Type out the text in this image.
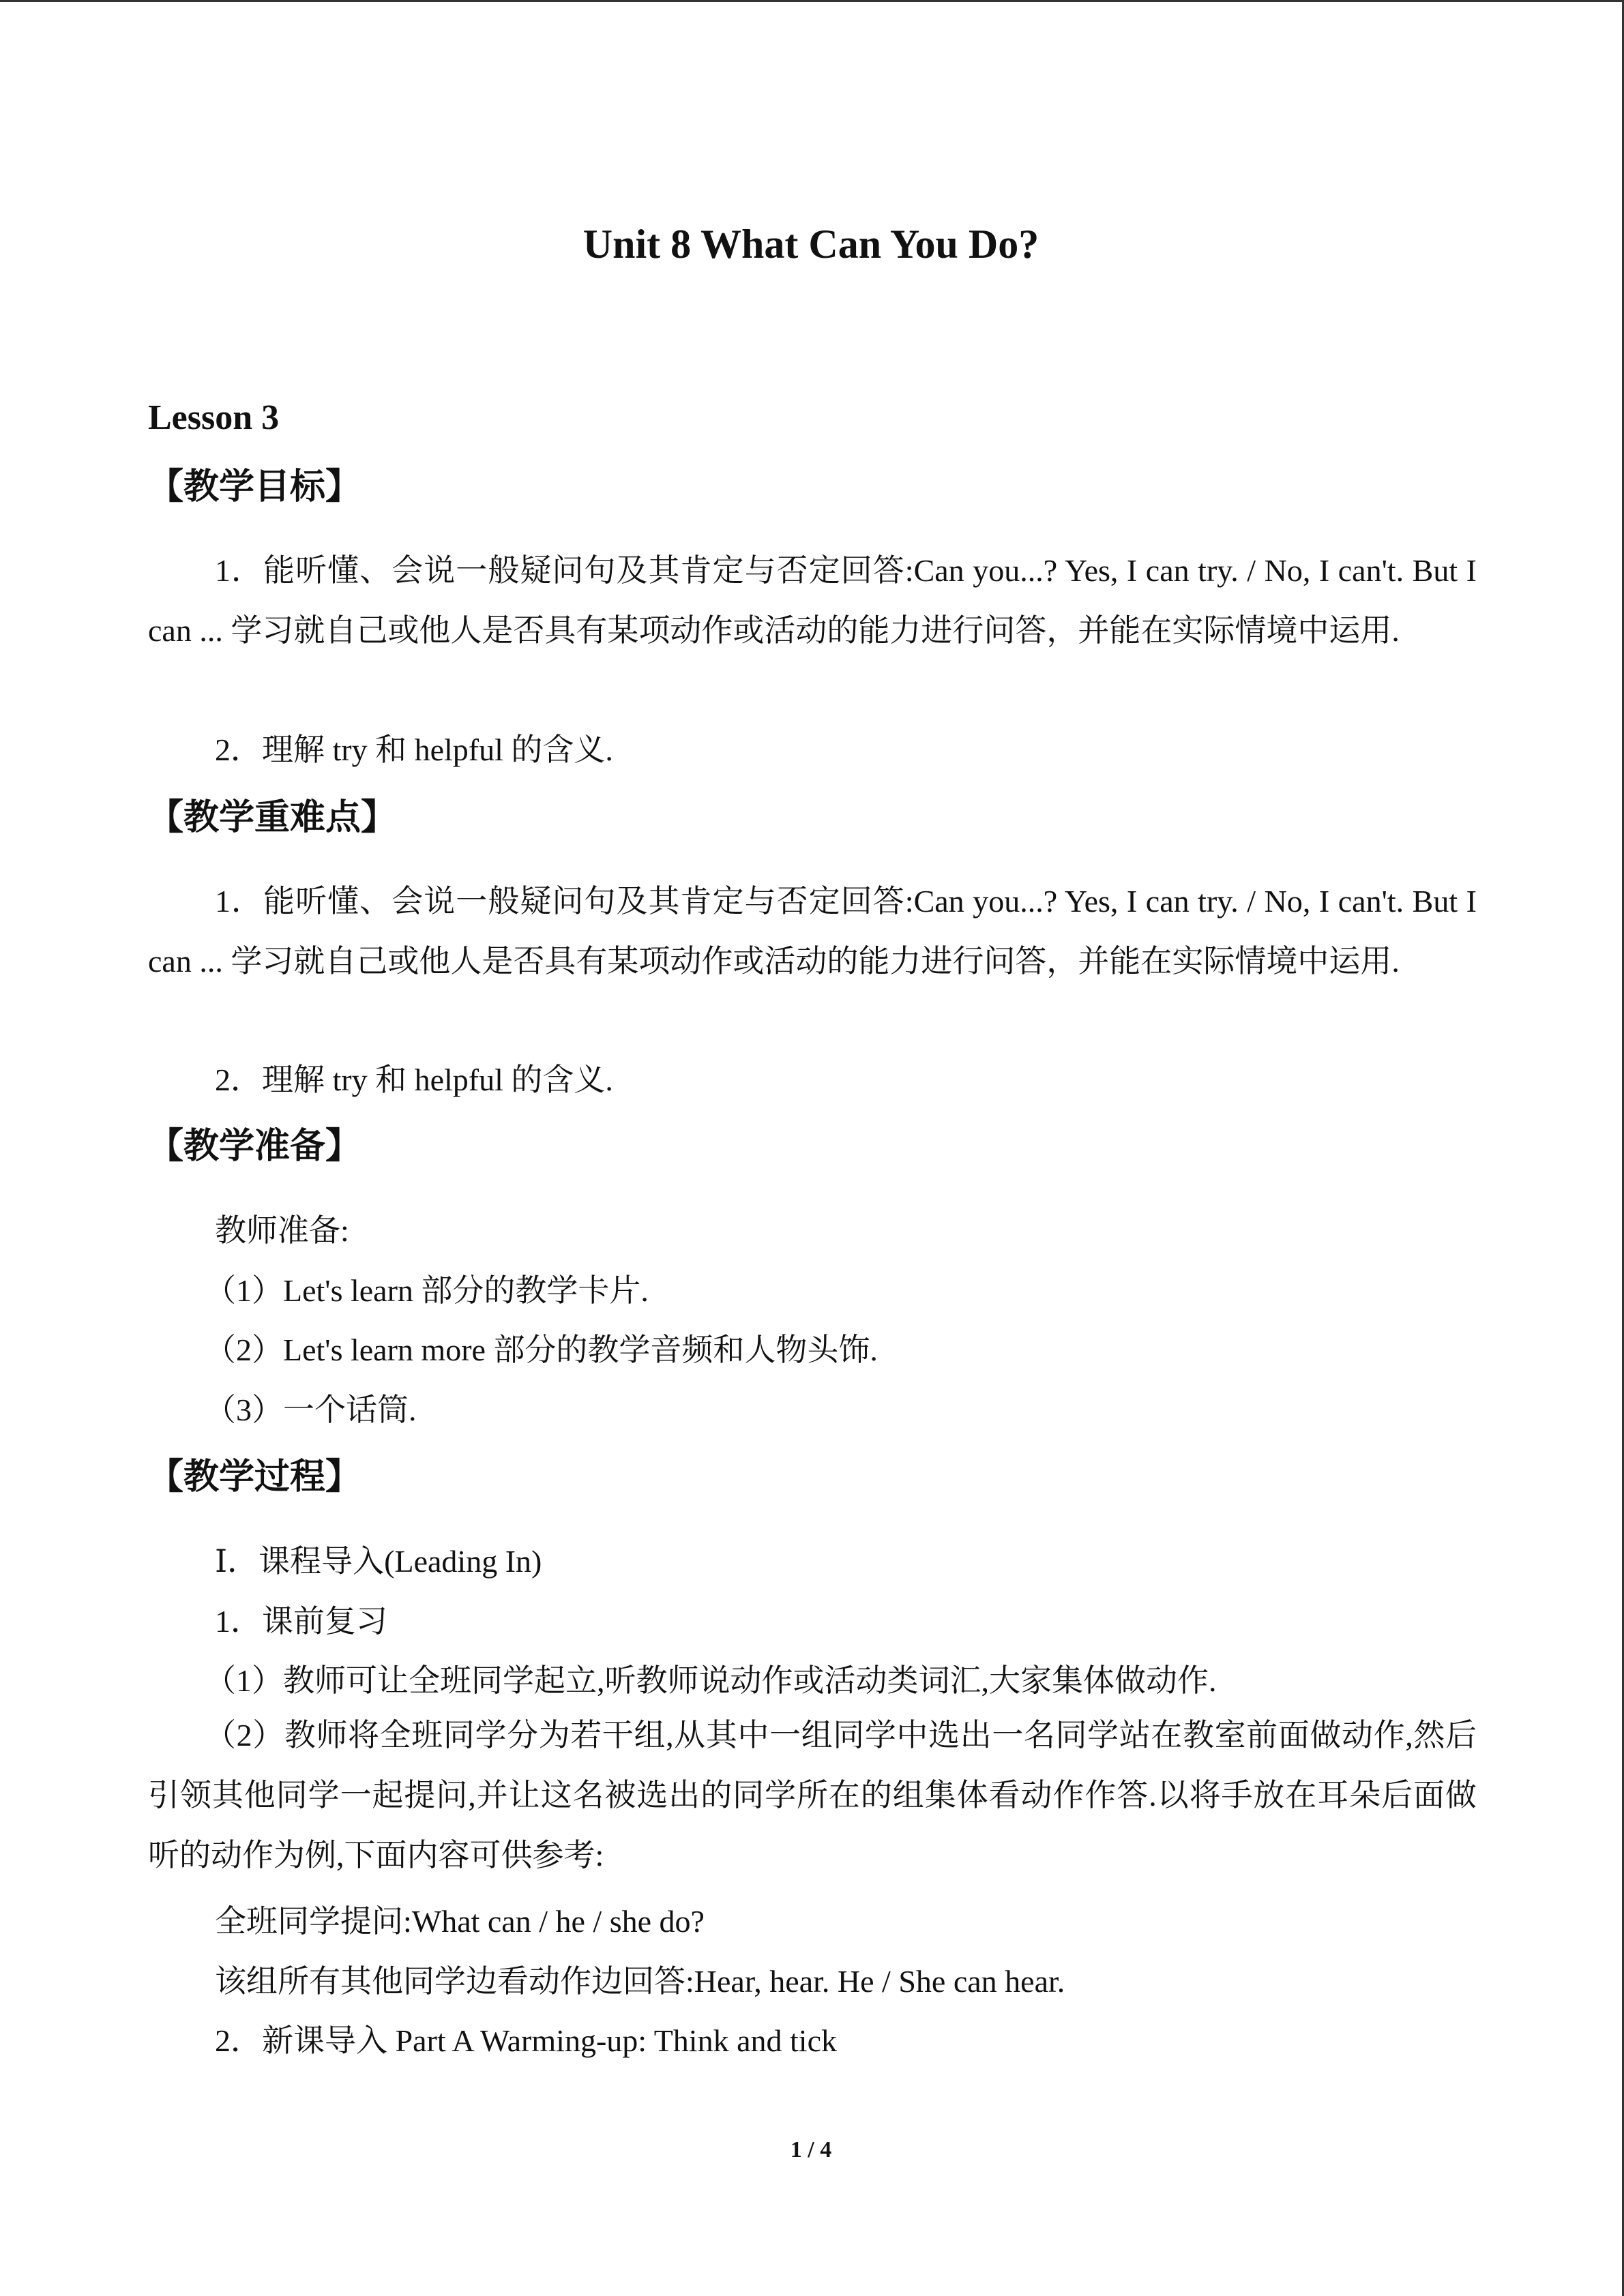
Unit 8 What Can You Do?
Lesson 3
【教学目标】
1．能听懂、会说一般疑问句及其肯定与否定回答:Can you...? Yes, I can try. / No, I can't. But I can ... 学习就自己或他人是否具有某项动作或活动的能力进行问答，并能在实际情境中运用.
2．理解 try 和 helpful 的含义.
【教学重难点】
1．能听懂、会说一般疑问句及其肯定与否定回答:Can you...? Yes, I can try. / No, I can't. But I can ... 学习就自己或他人是否具有某项动作或活动的能力进行问答，并能在实际情境中运用.
2．理解 try 和 helpful 的含义.
【教学准备】
教师准备:
（1）Let's learn 部分的教学卡片.
（2）Let's learn more 部分的教学音频和人物头饰.
（3）一个话筒.
【教学过程】
Ⅰ．课程导入(Leading In)
1．课前复习
（1）教师可让全班同学起立,听教师说动作或活动类词汇,大家集体做动作.
（2）教师将全班同学分为若干组,从其中一组同学中选出一名同学站在教室前面做动作,然后引领其他同学一起提问,并让这名被选出的同学所在的组集体看动作作答.以将手放在耳朵后面做听的动作为例,下面内容可供参考:
全班同学提问:What can / he / she do?
该组所有其他同学边看动作边回答:Hear, hear. He / She can hear.
2．新课导入 Part A Warming-up: Think and tick
1 / 4
